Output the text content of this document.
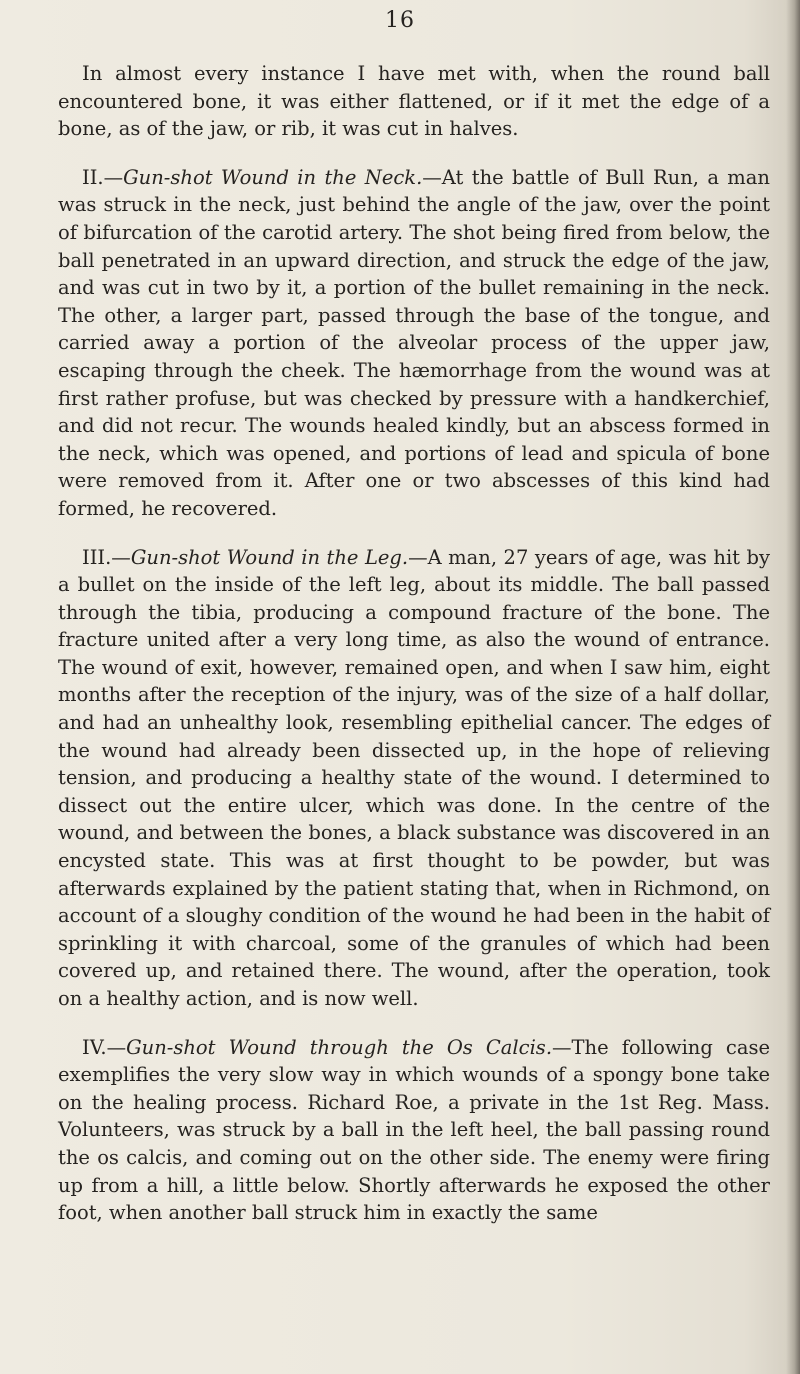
16

In almost every instance I have met with, when the round ball encountered bone, it was either flattened, or if it met the edge of a bone, as of the jaw, or rib, it was cut in halves.

II.—Gun-shot Wound in the Neck.—At the battle of Bull Run, a man was struck in the neck, just behind the angle of the jaw, over the point of bifurcation of the carotid artery. The shot being fired from below, the ball penetrated in an upward direction, and struck the edge of the jaw, and was cut in two by it, a portion of the bullet remaining in the neck. The other, a larger part, passed through the base of the tongue, and carried away a portion of the alveolar process of the upper jaw, escaping through the cheek. The hæmorrhage from the wound was at first rather profuse, but was checked by pressure with a handkerchief, and did not recur. The wounds healed kindly, but an abscess formed in the neck, which was opened, and portions of lead and spicula of bone were removed from it. After one or two abscesses of this kind had formed, he recovered.

III.—Gun-shot Wound in the Leg.—A man, 27 years of age, was hit by a bullet on the inside of the left leg, about its middle. The ball passed through the tibia, producing a compound fracture of the bone. The fracture united after a very long time, as also the wound of entrance. The wound of exit, however, remained open, and when I saw him, eight months after the reception of the injury, was of the size of a half dollar, and had an unhealthy look, resembling epithelial cancer. The edges of the wound had already been dissected up, in the hope of relieving tension, and producing a healthy state of the wound. I determined to dissect out the entire ulcer, which was done. In the centre of the wound, and between the bones, a black substance was discovered in an encysted state. This was at first thought to be powder, but was afterwards explained by the patient stating that, when in Richmond, on account of a sloughy condition of the wound he had been in the habit of sprinkling it with charcoal, some of the granules of which had been covered up, and retained there. The wound, after the operation, took on a healthy action, and is now well.

IV.—Gun-shot Wound through the Os Calcis.—The following case exemplifies the very slow way in which wounds of a spongy bone take on the healing process. Richard Roe, a private in the 1st Reg. Mass. Volunteers, was struck by a ball in the left heel, the ball passing round the os calcis, and coming out on the other side. The enemy were firing up from a hill, a little below. Shortly afterwards he exposed the other foot, when another ball struck him in exactly the same
